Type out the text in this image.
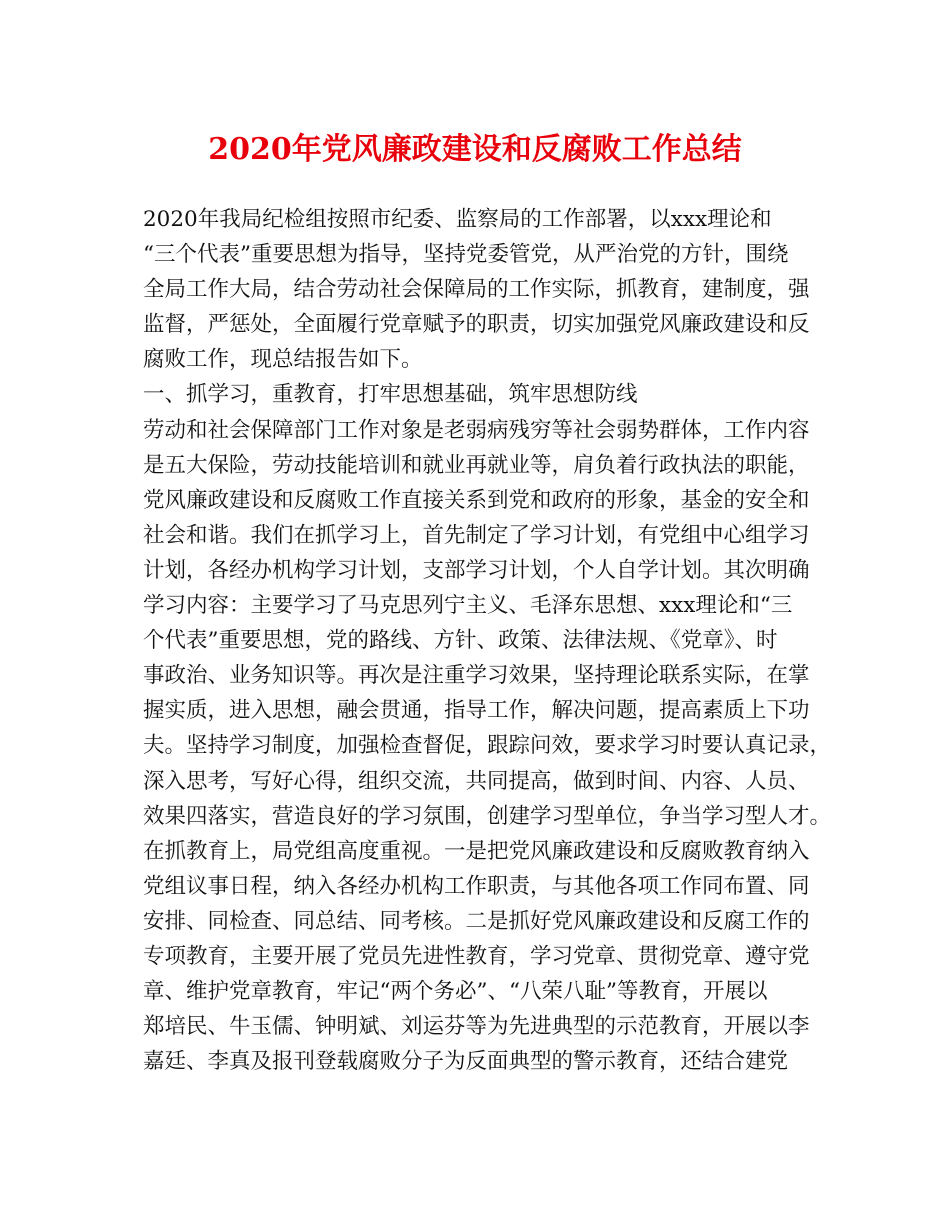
2020年党风廉政建设和反腐败工作总结
2020年我局纪检组按照市纪委、监察局的工作部署，以xxx理论和
“三个代表”重要思想为指导，坚持党委管党，从严治党的方针，围绕
全局工作大局，结合劳动社会保障局的工作实际，抓教育，建制度，强
监督，严惩处，全面履行党章赋予的职责，切实加强党风廉政建设和反
腐败工作，现总结报告如下。
一、抓学习，重教育，打牢思想基础，筑牢思想防线
劳动和社会保障部门工作对象是老弱病残穷等社会弱势群体，工作内容
是五大保险，劳动技能培训和就业再就业等，肩负着行政执法的职能，
党风廉政建设和反腐败工作直接关系到党和政府的形象，基金的安全和
社会和谐。我们在抓学习上，首先制定了学习计划，有党组中心组学习
计划，各经办机构学习计划，支部学习计划，个人自学计划。其次明确
学习内容：主要学习了马克思列宁主义、毛泽东思想、xxx理论和“三
个代表”重要思想，党的路线、方针、政策、法律法规、《党章》、时
事政治、业务知识等。再次是注重学习效果，坚持理论联系实际，在掌
握实质，进入思想，融会贯通，指导工作，解决问题，提高素质上下功
夫。坚持学习制度，加强检查督促，跟踪问效，要求学习时要认真记录，
深入思考，写好心得，组织交流，共同提高，做到时间、内容、人员、
效果四落实，营造良好的学习氛围，创建学习型单位，争当学习型人才。
在抓教育上，局党组高度重视。一是把党风廉政建设和反腐败教育纳入
党组议事日程，纳入各经办机构工作职责，与其他各项工作同布置、同
安排、同检查、同总结、同考核。二是抓好党风廉政建设和反腐工作的
专项教育，主要开展了党员先进性教育，学习党章、贯彻党章、遵守党
章、维护党章教育，牢记“两个务必”、“八荣八耻”等教育，开展以
郑培民、牛玉儒、钟明斌、刘运芬等为先进典型的示范教育，开展以李
嘉廷、李真及报刊登载腐败分子为反面典型的警示教育，还结合建党
